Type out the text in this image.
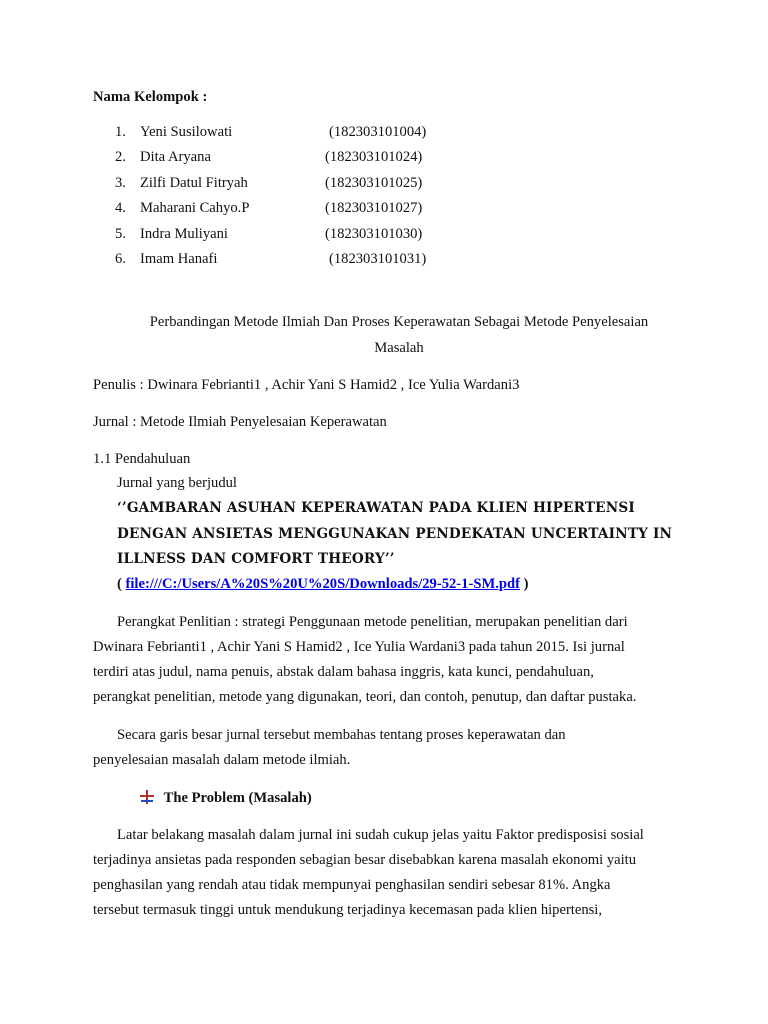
Nama Kelompok :
1. Yeni Susilowati	(182303101004)
2. Dita Aryana	(182303101024)
3. Zilfi Datul Fitryah	(182303101025)
4. Maharani Cahyo.P	(182303101027)
5. Indra Muliyani	(182303101030)
6. Imam Hanafi	(182303101031)
Perbandingan Metode Ilmiah Dan Proses Keperawatan Sebagai Metode Penyelesaian
Masalah
Penulis : Dwinara Febrianti1 , Achir Yani S Hamid2 , Ice Yulia Wardani3
Jurnal : Metode Ilmiah Penyelesaian Keperawatan
1.1 Pendahuluan
Jurnal yang berjudul
‘’GAMBARAN ASUHAN KEPERAWATAN PADA KLIEN HIPERTENSI
DENGAN ANSIETAS MENGGUNAKAN PENDEKATAN UNCERTAINTY IN
ILLNESS DAN COMFORT THEORY’’
( file:///C:/Users/A%20S%20U%20S/Downloads/29-52-1-SM.pdf )
Perangkat Penlitian : strategi Penggunaan metode penelitian, merupakan penelitian dari
Dwinara Febrianti1 , Achir Yani S Hamid2 , Ice Yulia Wardani3 pada tahun 2015. Isi jurnal
terdiri atas judul, nama penuis, abstak dalam bahasa inggris, kata kunci, pendahuluan,
perangkat penelitian, metode yang digunakan, teori, dan contoh, penutup, dan daftar pustaka.
Secara garis besar jurnal tersebut membahas tentang proses keperawatan dan
penyelesaian masalah dalam metode ilmiah.
The Problem (Masalah)
Latar belakang masalah dalam jurnal ini sudah cukup jelas yaitu Faktor predisposisi sosial
terjadinya ansietas pada responden sebagian besar disebabkan karena masalah ekonomi yaitu
penghasilan yang rendah atau tidak mempunyai penghasilan sendiri sebesar 81%. Angka
tersebut termasuk tinggi untuk mendukung terjadinya kecemasan pada klien hipertensi,
